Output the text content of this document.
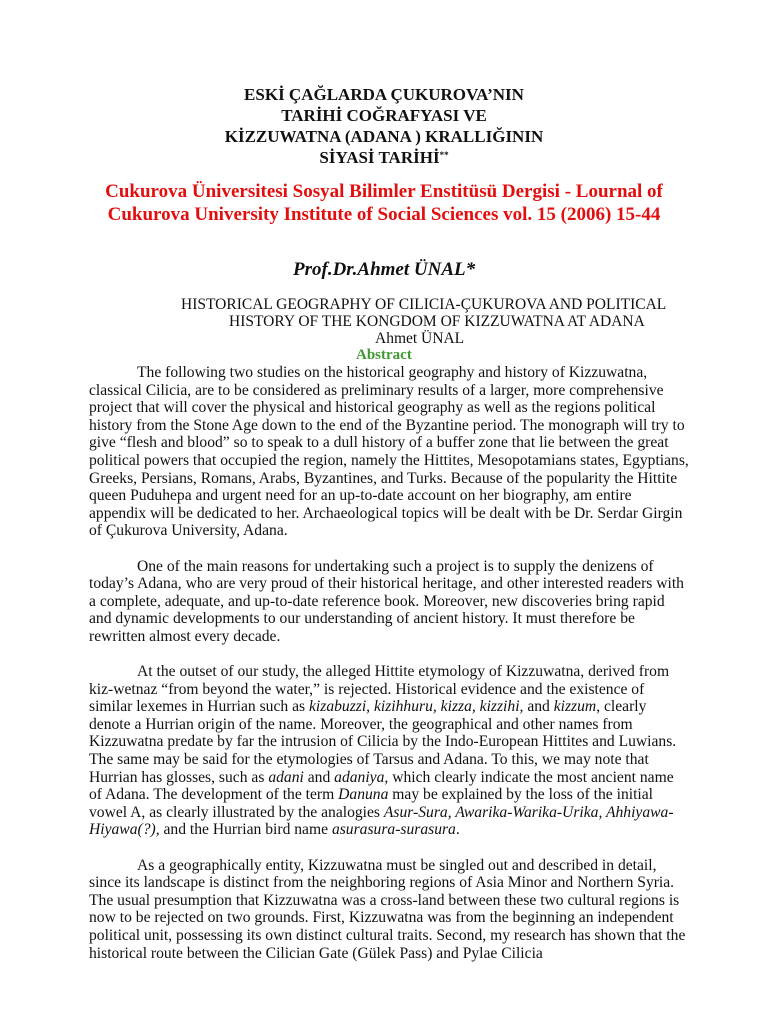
ESKİ ÇAĞLARDA ÇUKUROVA’NIN
TARİHİ COĞRAFYASI VE
KİZZUWATNA (ADANA ) KRALLIĞININ
SİYASİ TARİHİ**
Cukurova Üniversitesi Sosyal Bilimler Enstitüsü Dergisi - Lournal of
Cukurova University Institute of Social Sciences vol. 15 (2006) 15-44
Prof.Dr.Ahmet ÜNAL*
HISTORICAL GEOGRAPHY OF CILICIA-ÇUKUROVA AND POLITICAL
HISTORY OF THE KONGDOM OF KIZZUWATNA AT ADANA
Ahmet ÜNAL
Abstract

The following two studies on the historical geography and history of Kizzuwatna, classical Cilicia, are to be considered as preliminary results of a larger, more comprehensive project that will cover the physical and historical geography as well as the regions political history from the Stone Age down to the end of the Byzantine period. The monograph will try to give “flesh and blood” so to speak to a dull history of a buffer zone that lie between the great political powers that occupied the region, namely the Hittites, Mesopotamians states, Egyptians, Greeks, Persians, Romans, Arabs, Byzantines, and Turks. Because of the popularity the Hittite queen Puduhepa and urgent need for an up-to-date account on her biography, am entire appendix will be dedicated to her. Archaeological topics will be dealt with be Dr. Serdar Girgin of Çukurova University, Adana.

One of the main reasons for undertaking such a project is to supply the denizens of today’s Adana, who are very proud of their historical heritage, and other interested readers with a complete, adequate, and up-to-date reference book. Moreover, new discoveries bring rapid and dynamic developments to our understanding of ancient history. It must therefore be rewritten almost every decade.

At the outset of our study, the alleged Hittite etymology of Kizzuwatna, derived from kiz-wetnaz “from beyond the water,” is rejected. Historical evidence and the existence of similar lexemes in Hurrian such as kizabuzzi, kizihhuru, kizza, kizzihi, and kizzum, clearly denote a Hurrian origin of the name. Moreover, the geographical and other names from Kizzuwatna predate by far the intrusion of Cilicia by the Indo-European Hittites and Luwians. The same may be said for the etymologies of Tarsus and Adana. To this, we may note that Hurrian has glosses, such as adani and adaniya, which clearly indicate the most ancient name of Adana. The development of the term Danuna may be explained by the loss of the initial vowel A, as clearly illustrated by the analogies Asur-Sura, Awarika-Warika-Urika, Ahhiyawa-Hiyawa(?), and the Hurrian bird name asurasura-surasura.

As a geographically entity, Kizzuwatna must be singled out and described in detail, since its landscape is distinct from the neighboring regions of Asia Minor and Northern Syria. The usual presumption that Kizzuwatna was a cross-land between these two cultural regions is now to be rejected on two grounds. First, Kizzuwatna was from the beginning an independent political unit, possessing its own distinct cultural traits. Second, my research has shown that the historical route between the Cilician Gate (Gülek Pass) and Pylae Cilicia
